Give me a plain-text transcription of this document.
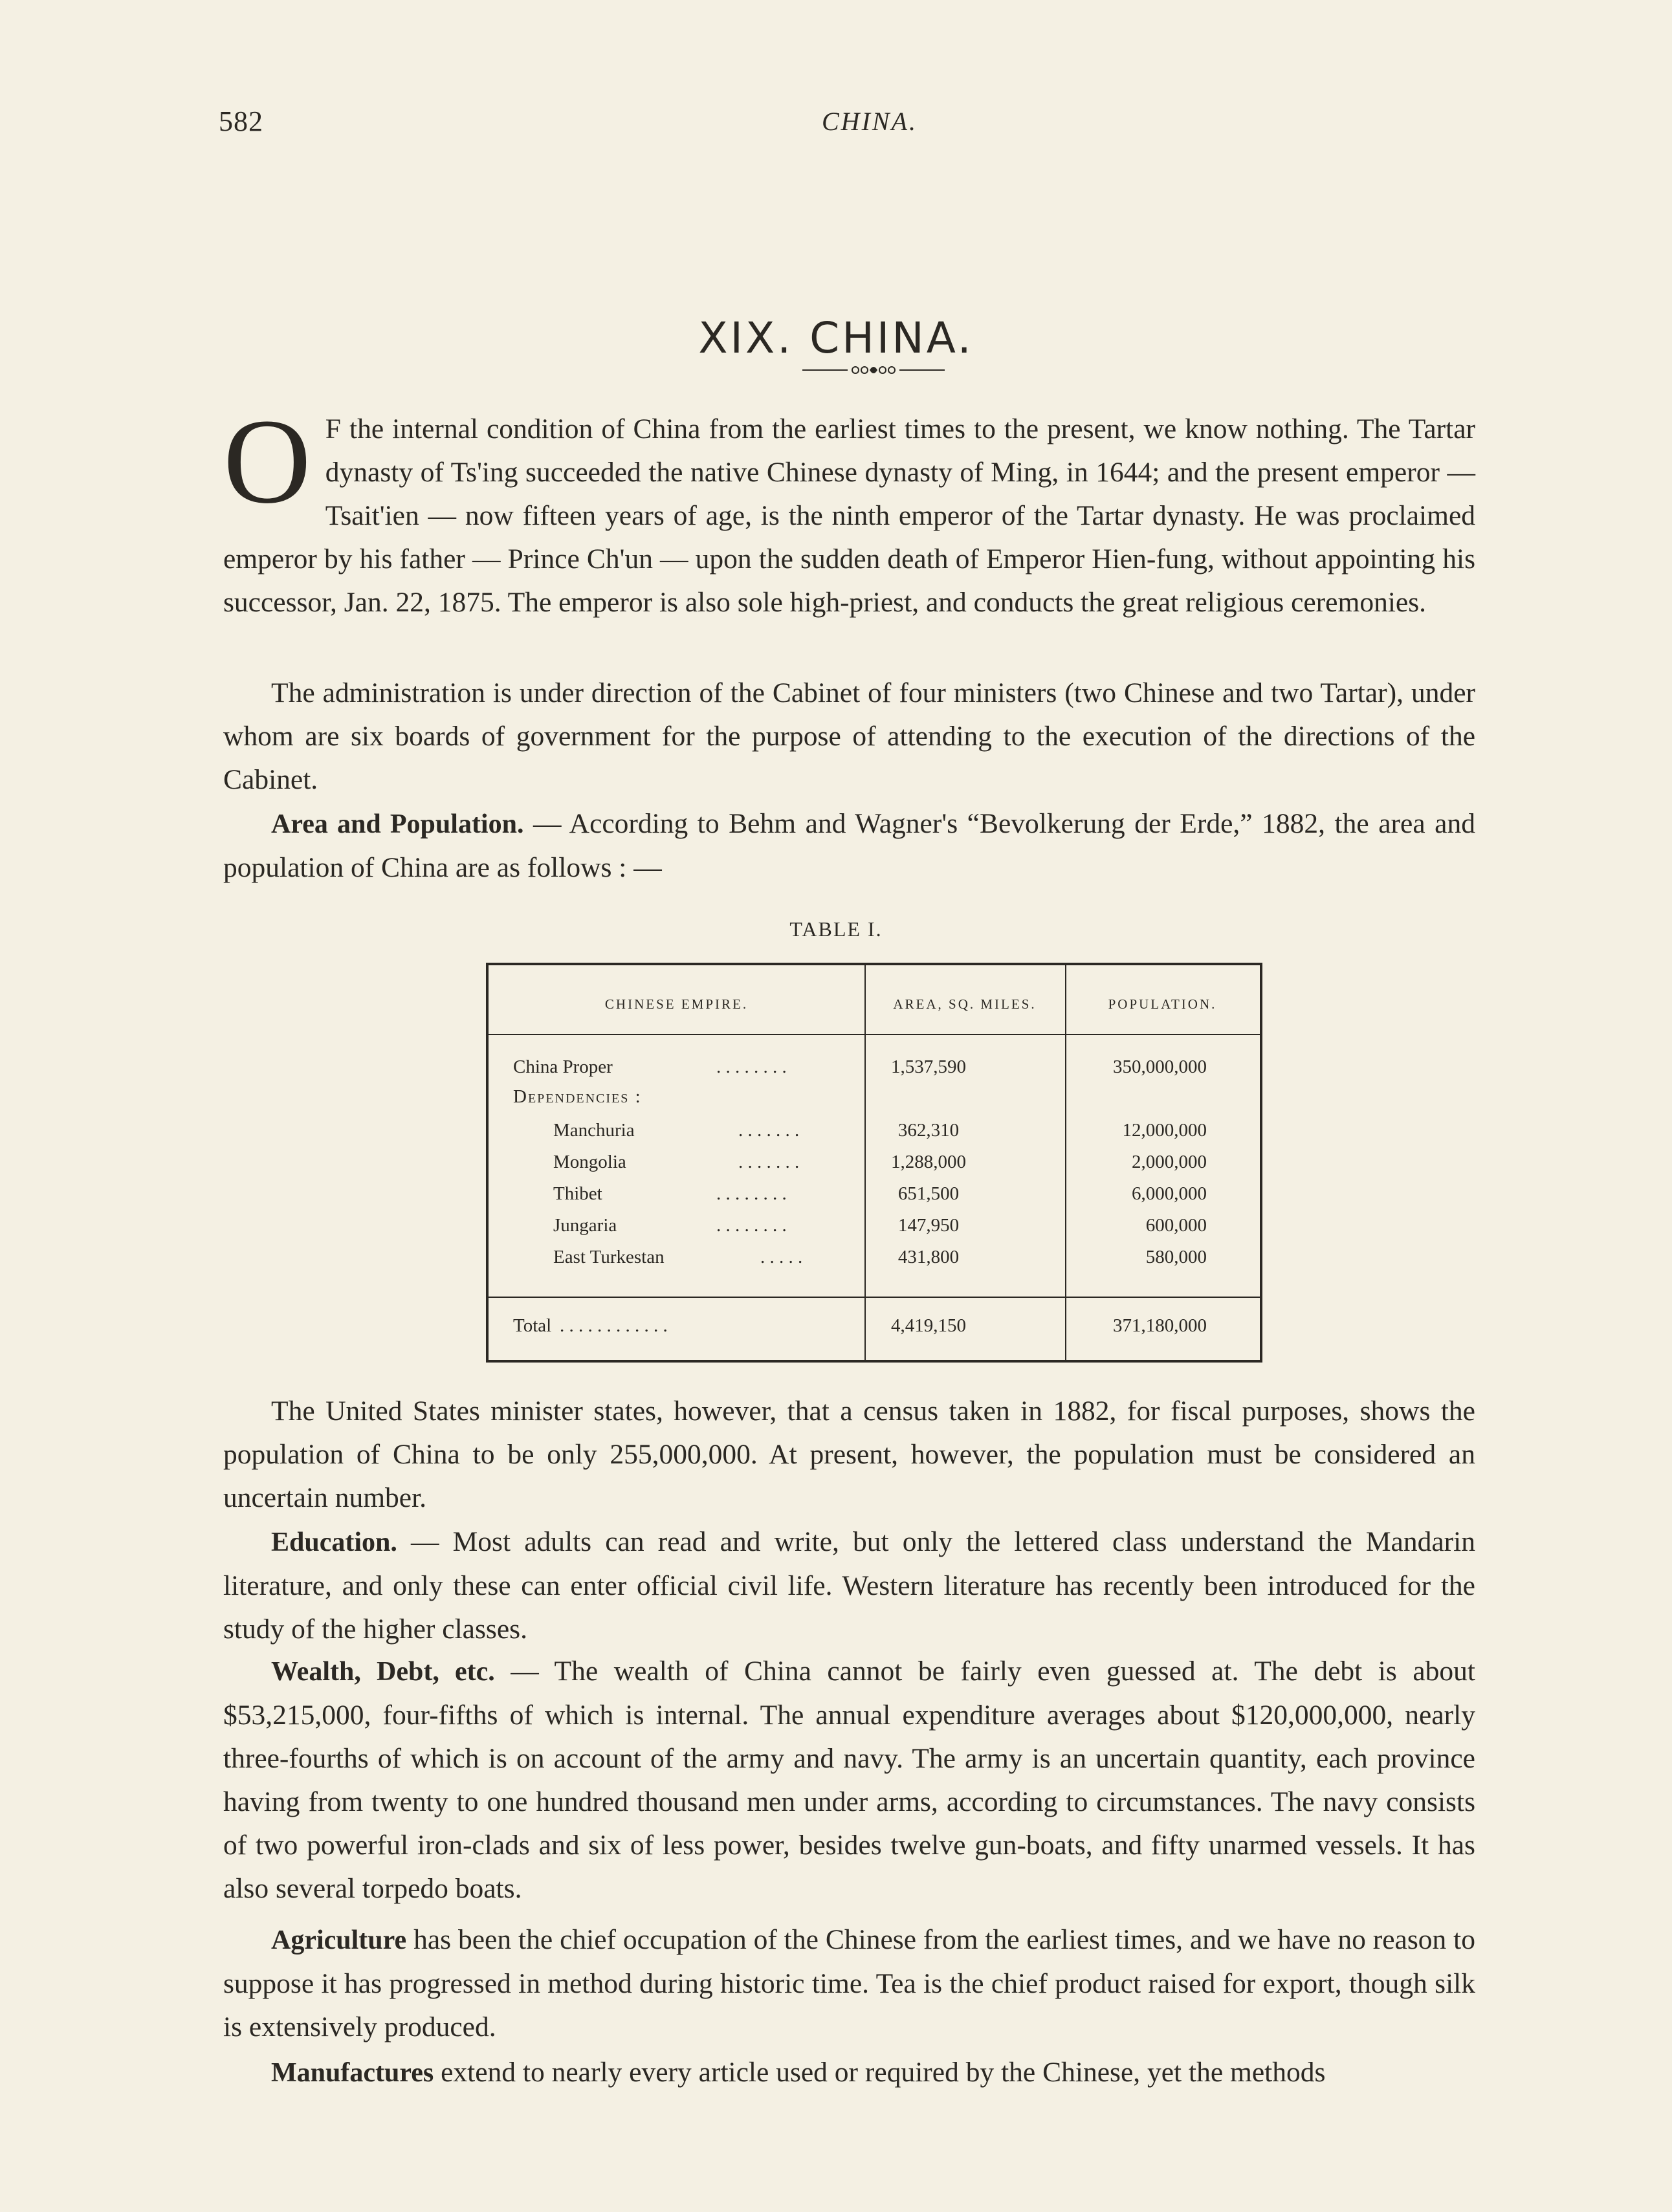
582	CHINA.
XIX. CHINA.

O F the internal condition of China from the earliest times to the present, we know nothing. The Tartar dynasty of Ts'ing succeeded the native Chinese dynasty of Ming, in 1644; and the present emperor — Tsait'ien — now fifteen years of age, is the ninth emperor of the Tartar dynasty. He was proclaimed emperor by his father — Prince Ch'un — upon the sudden death of Emperor Hien-fung, without appointing his successor, Jan. 22, 1875. The emperor is also sole high-priest, and conducts the great religious ceremonies.

The administration is under direction of the Cabinet of four ministers (two Chinese and two Tartar), under whom are six boards of government for the purpose of attending to the execution of the directions of the Cabinet.

Area and Population. — According to Behm and Wagner's “Bevolkerung der Erde,” 1882, the area and population of China are as follows : —

TABLE I.
CHINESE EMPIRE.	AREA, SQ. MILES.	POPULATION.
China Proper	. . . . . . . .	1,537,590	350,000,000
Dependencies :
Manchuria	. . . . . . .	362,310	12,000,000
Mongolia	. . . . . . .	1,288,000	2,000,000
Thibet	. . . . . . . .	651,500	6,000,000
Jungaria	. . . . . . . .	147,950	600,000
East Turkestan	. . . . .	431,800	580,000
Total . . . . . . . . . . . .	4,419,150	371,180,000

The United States minister states, however, that a census taken in 1882, for fiscal purposes, shows the population of China to be only 255,000,000. At present, however, the population must be considered an uncertain number.

Education. — Most adults can read and write, but only the lettered class understand the Mandarin literature, and only these can enter official civil life. Western literature has recently been introduced for the study of the higher classes.

Wealth, Debt, etc. — The wealth of China cannot be fairly even guessed at. The debt is about $53,215,000, four-fifths of which is internal. The annual expenditure averages about $120,000,000, nearly three-fourths of which is on account of the army and navy. The army is an uncertain quantity, each province having from twenty to one hundred thousand men under arms, according to circumstances. The navy consists of two powerful iron-clads and six of less power, besides twelve gun-boats, and fifty unarmed vessels. It has also several torpedo boats.

Agriculture has been the chief occupation of the Chinese from the earliest times, and we have no reason to suppose it has progressed in method during historic time. Tea is the chief product raised for export, though silk is extensively produced.

Manufactures extend to nearly every article used or required by the Chinese, yet the methods
